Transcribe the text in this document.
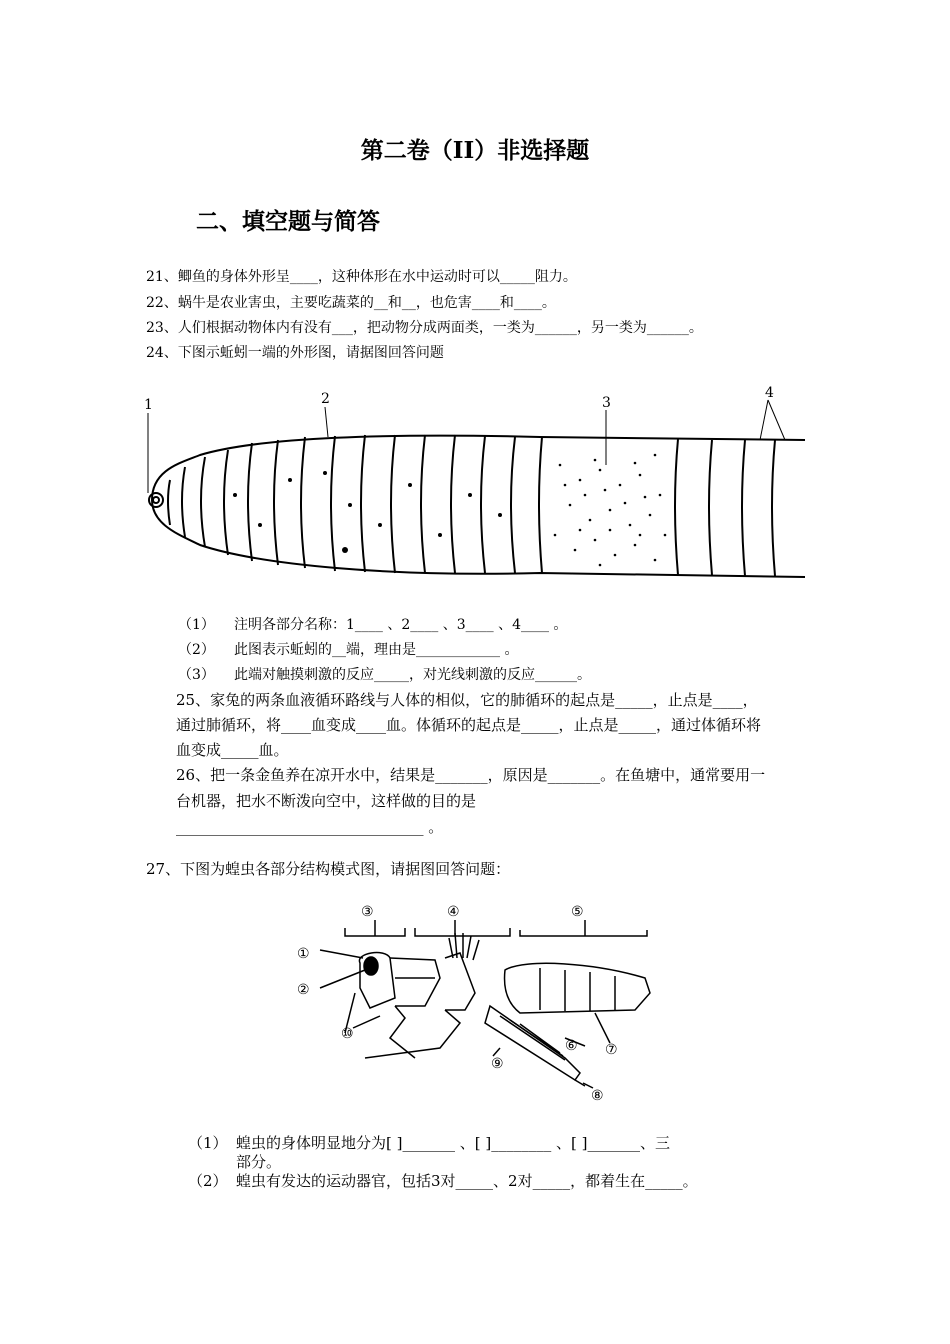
第二卷（II）非选择题
二、填空题与简答
21、鲫鱼的身体外形呈____，这种体形在水中运动时可以_____阻力。
22、蜗牛是农业害虫，主要吃蔬菜的__和__，也危害____和____。
23、人们根据动物体内有没有___，把动物分成两面类，一类为______，另一类为______。
24、下图示蚯蚓一端的外形图，请据图回答问题
1	2	3
4
（1） 注明各部分名称：1____ 、2____ 、3____ 、4____ 。
（2） 此图表示蚯蚓的__端，理由是____________ 。
（3） 此端对触摸刺激的反应_____，对光线刺激的反应______。
25、家兔的两条血液循环路线与人体的相似，它的肺循环的起点是_____，止点是____，
通过肺循环，将____血变成____血。体循环的起点是_____，止点是_____，通过体循环将
血变成_____血。
26、把一条金鱼养在凉开水中，结果是_______，原因是_______。在鱼塘中，通常要用一
台机器，把水不断泼向空中，这样做的目的是
_________________________________ 。
27、下图为蝗虫各部分结构模式图，请据图回答问题：
①
②
③	④	⑤
⑥ ⑦
⑧
⑨
⑩
（1） 蝗虫的身体明显地分为[ ]_______ 、[ ]________ 、[ ]_______、三
部分。
（2） 蝗虫有发达的运动器官，包括3对_____、2对_____，都着生在_____。
